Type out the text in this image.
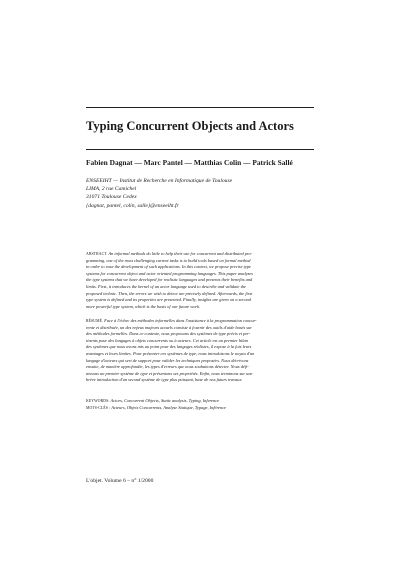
Typing Concurrent Objects and Actors
Fabien Dagnat — Marc Pantel — Matthias Colin — Patrick Sallé
ENSEEIHT — Institut de Recherche en Informatique de Toulouse
LIMA, 2 rue Camichel
31071 Toulouse Cedex
{dagnat, pantel, colin, salle}@enseeiht.fr
ABSTRACT. An informal methods do little to help their use for concurrent and distributed pro-
gramming, one of the most challenging current tasks is to build tools based on formal method
in order to ease the development of such applications. In this context, we propose precise type
systems for concurrent object and actor oriented programming languages. This paper analyzes
the type systems that we have developed for realistic languages and presents their benefits and
limits. First, it introduces the kernel of an actor language used to describe and validate the
proposed technic. Then, the errors we wish to detect are precisely defined. Afterwards, the first
type system is defined and its properties are presented. Finally, insights are given on a second
more powerful type system, which is the basis of our future work.
RÉSUMÉ. Face à l'échec des méthodes informelles dans l'assistance à la programmation concur-
rente et distribuée, un des enjeux majeurs actuels consiste à fournir des outils d'aide basés sur
des méthodes formelles. Dans ce contexte, nous proposons des systèmes de type précis et per-
tinents pour des langages à objets concurrents ou à acteurs. Cet article est un premier bilan
des systèmes que nous avons mis au point pour des langages réalistes, il expose à la fois leurs
avantages et leurs limites. Pour présenter ces systèmes de type, nous introduisons le noyau d'un
langage d'acteurs qui sert de support pour valider les techniques proposées. Nous décrivons
ensuite, de manière approfondie, les types d'erreurs que nous souhaitons détecter. Nous défi-
nissons un premier système de type et présentons ses propriétés. Enfin, nous terminons sur une
brève introduction d'un second système de type plus puissant, base de nos futurs travaux.
KEYWORDS: Actors, Concurrent Objects, Static analysis, Typing, Inference
MOTS-CLÉS : Acteurs, Objets Concurrents, Analyse Statique, Typage, Inférence
L'objet. Volume 6 – n° 1/2000
